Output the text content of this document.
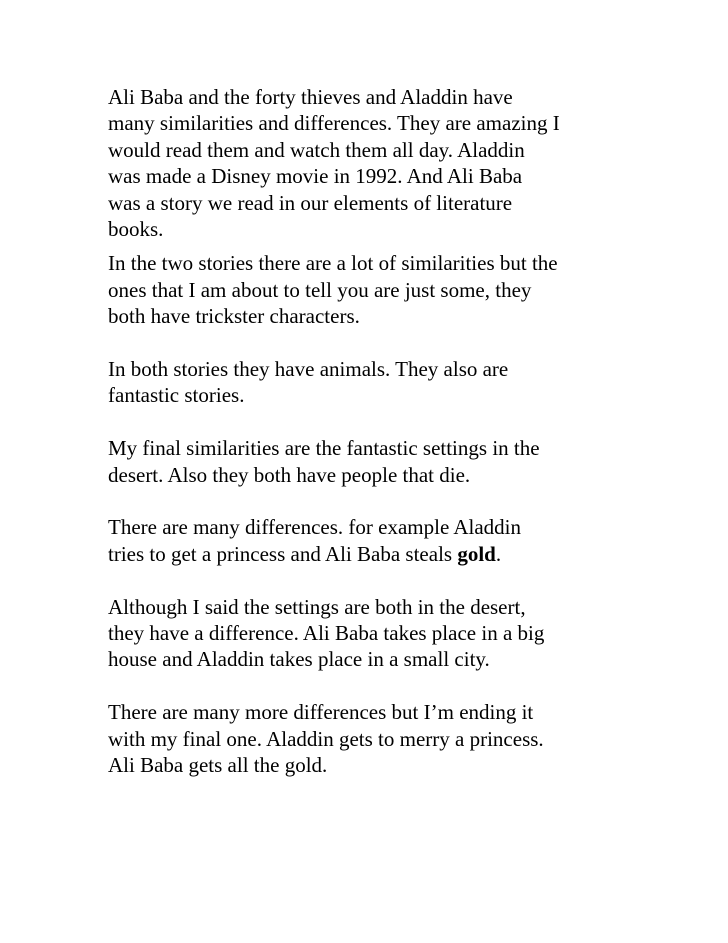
Ali Baba and the forty thieves and Aladdin have
many similarities and differences. They are amazing I
would read them and watch them all day. Aladdin
was made a Disney movie in 1992. And Ali Baba
was a story we read in our elements of literature
books.
In the two stories there are a lot of similarities but the
ones that I am about to tell you are just some, they
both have trickster characters.
In both stories they have animals. They also are
fantastic stories.
My final similarities are the fantastic settings in the
desert. Also they both have people that die.
There are many differences. for example Aladdin
tries to get a princess and Ali Baba steals gold.
Although I said the settings are both in the desert,
they have a difference. Ali Baba takes place in a big
house and Aladdin takes place in a small city.
There are many more differences but I’m ending it
with my final one. Aladdin gets to merry a princess.
Ali Baba gets all the gold.
